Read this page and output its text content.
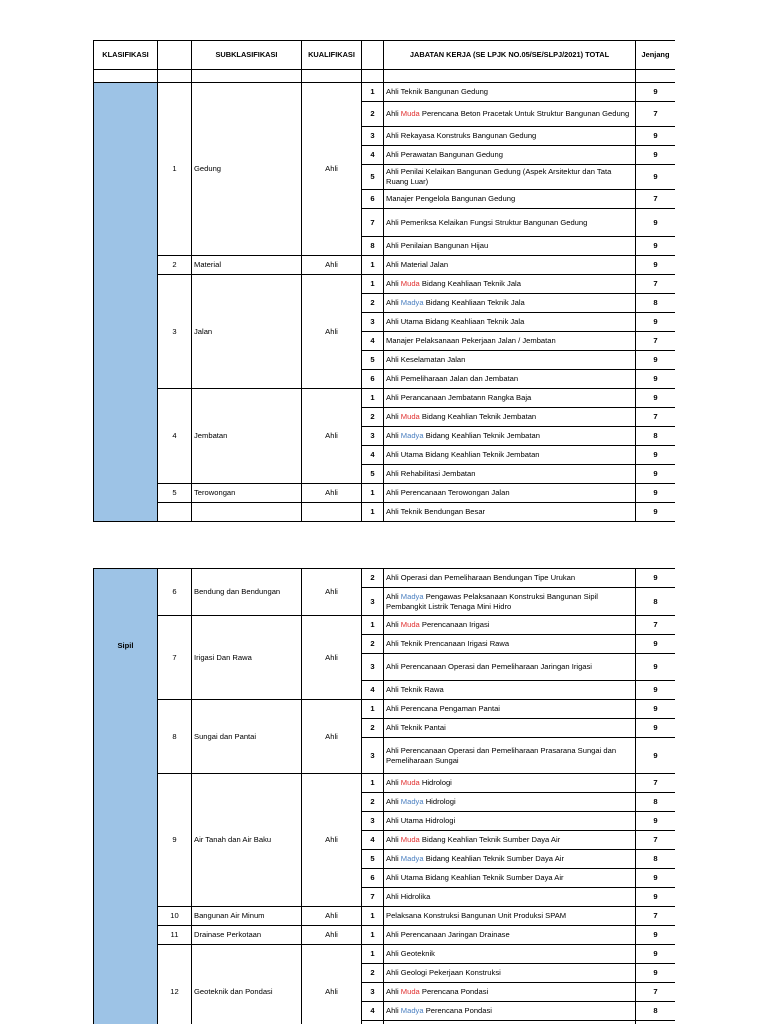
KLASIFIKASI		SUBKLASIFIKASI	KUALIFIKASI		JABATAN KERJA (SE LPJK NO.05/SE/SLPJ/2021) TOTAL	Jenjang

	1	Gedung	Ahli	1	Ahli Teknik Bangunan Gedung	9
				2	Ahli Muda Perencana Beton Pracetak Untuk Struktur Bangunan Gedung	7
				3	Ahli Rekayasa Konstruks Bangunan Gedung	9
				4	Ahli Perawatan Bangunan Gedung	9
				5	Ahli Penilai Kelaikan Bangunan Gedung (Aspek Arsitektur dan Tata Ruang Luar)	9
				6	Manajer Pengelola Bangunan Gedung	7
				7	Ahli Pemeriksa Kelaikan Fungsi Struktur Bangunan Gedung	9
				8	Ahli Penilaian Bangunan Hijau	9
	2	Material	Ahli	1	Ahli Material Jalan	9
	3	Jalan	Ahli	1	Ahli Muda Bidang Keahliaan Teknik Jala	7
				2	Ahli Madya Bidang Keahliaan Teknik Jala	8
				3	Ahli Utama Bidang Keahliaan Teknik Jala	9
				4	Manajer Pelaksanaan Pekerjaan Jalan / Jembatan	7
				5	Ahli Keselamatan Jalan	9
				6	Ahli Pemeliharaan Jalan dan Jembatan	9
	4	Jembatan	Ahli	1	Ahli Perancanaan Jembatann Rangka Baja	9
				2	Ahli Muda Bidang Keahlian Teknik Jembatan	7
				3	Ahli Madya Bidang Keahlian Teknik Jembatan	8
				4	Ahli Utama Bidang Keahlian Teknik Jembatan	9
				5	Ahli Rehabilitasi Jembatan	9
	5	Terowongan	Ahli	1	Ahli Perencanaan Terowongan Jalan	9
				1	Ahli Teknik Bendungan Besar	9
Sipil	6	Bendung dan Bendungan	Ahli	2	Ahli Operasi dan Pemeliharaan Bendungan Tipe Urukan	9
				3	Ahli Madya Pengawas Pelaksanaan Konstruksi Bangunan Sipil Pembangkit Listrik Tenaga Mini Hidro	8
	7	Irigasi Dan Rawa	Ahli	1	Ahli Muda Perencanaan Irigasi	7
				2	Ahli Teknik Prencanaan Irigasi Rawa	9
				3	Ahli Perencanaan Operasi dan Pemeliharaan Jaringan Irigasi	9
				4	Ahli Teknik Rawa	9
	8	Sungai dan Pantai	Ahli	1	Ahli Perencana Pengaman Pantai	9
				2	Ahli Teknik Pantai	9
				3	Ahli Perencanaan Operasi dan Pemeliharaan Prasarana Sungai dan Pemeliharaan Sungai	9
	9	Air Tanah dan Air Baku	Ahli	1	Ahli Muda Hidrologi	7
				2	Ahli Madya Hidrologi	8
				3	Ahli Utama Hidrologi	9
				4	Ahli Muda Bidang Keahlian Teknik Sumber Daya Air	7
				5	Ahli Madya Bidang Keahlian Teknik Sumber Daya Air	8
				6	Ahli Utama Bidang Keahlian Teknik Sumber Daya Air	9
				7	Ahli Hidrolika	9
	10	Bangunan Air Minum	Ahli	1	Pelaksana Konstruksi Bangunan Unit Produksi SPAM	7
	11	Drainase Perkotaan	Ahli	1	Ahli Perencanaan Jaringan Drainase	9
	12	Geoteknik dan Pondasi	Ahli	1	Ahli Geoteknik	9
				2	Ahli Geologi Pekerjaan Konstruksi	9
				3	Ahli Muda Perencana Pondasi	7
				4	Ahli Madya Perencana Pondasi	8
